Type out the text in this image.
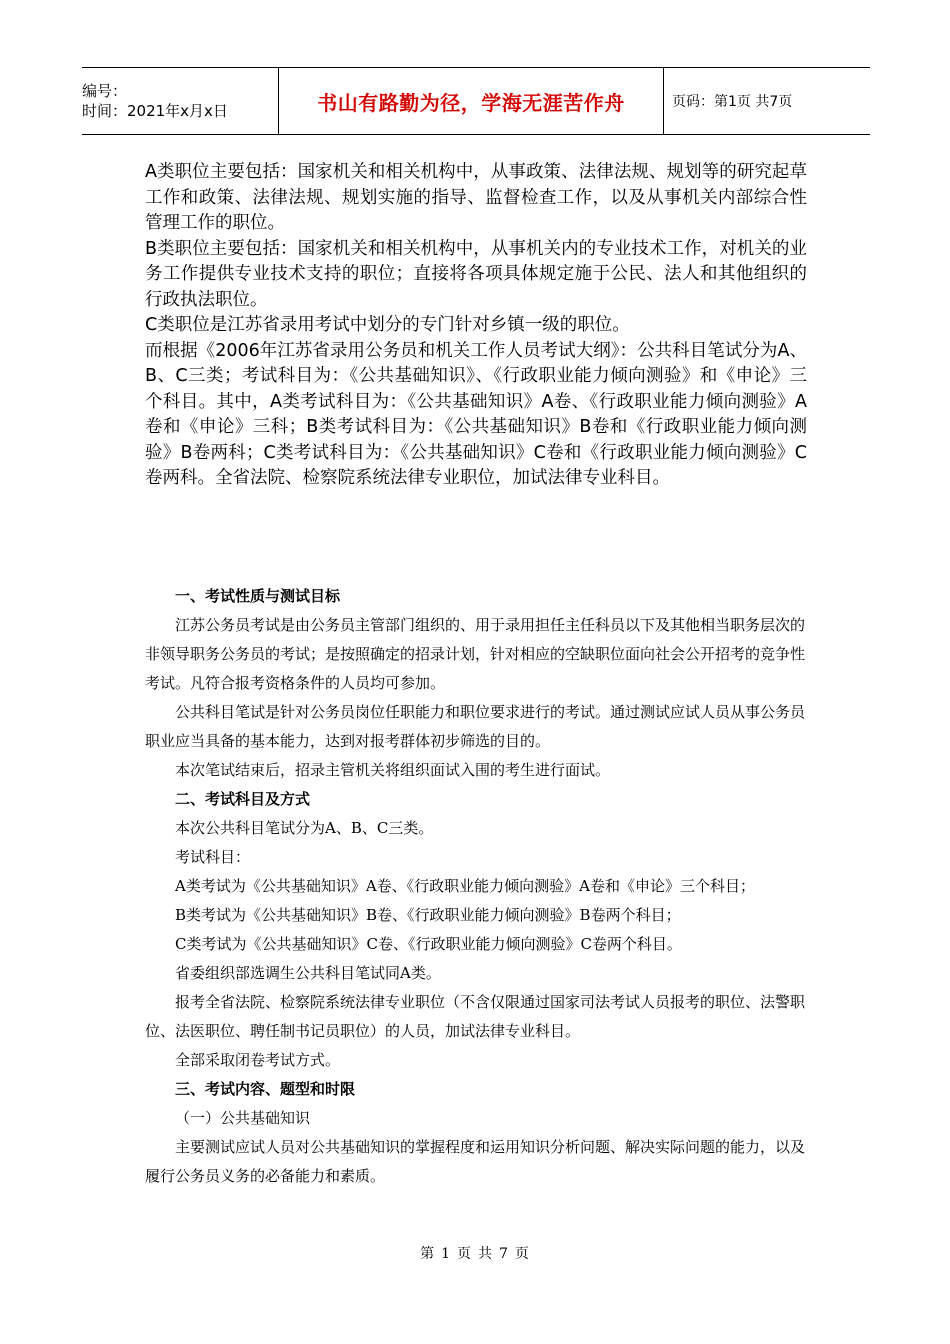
编号：
时间：2021年x月x日	书山有路勤为径，学海无涯苦作舟	页码：第1页 共7页

A类职位主要包括：国家机关和相关机构中，从事政策、法律法规、规划等的研究起草工作和政策、法律法规、规划实施的指导、监督检查工作，以及从事机关内部综合性管理工作的职位。

B类职位主要包括：国家机关和相关机构中，从事机关内的专业技术工作，对机关的业务工作提供专业技术支持的职位；直接将各项具体规定施于公民、法人和其他组织的行政执法职位。

C类职位是江苏省录用考试中划分的专门针对乡镇一级的职位。

而根据《2006年江苏省录用公务员和机关工作人员考试大纲》：公共科目笔试分为A、B、C三类；考试科目为：《公共基础知识》、《行政职业能力倾向测验》和《申论》三个科目。其中，A类考试科目为：《公共基础知识》A卷、《行政职业能力倾向测验》A卷和《申论》三科；B类考试科目为：《公共基础知识》B卷和《行政职业能力倾向测验》B卷两科；C类考试科目为：《公共基础知识》C卷和《行政职业能力倾向测验》C卷两科。全省法院、检察院系统法律专业职位，加试法律专业科目。

一、考试性质与测试目标

江苏公务员考试是由公务员主管部门组织的、用于录用担任主任科员以下及其他相当职务层次的非领导职务公务员的考试；是按照确定的招录计划，针对相应的空缺职位面向社会公开招考的竞争性考试。凡符合报考资格条件的人员均可参加。

公共科目笔试是针对公务员岗位任职能力和职位要求进行的考试。通过测试应试人员从事公务员职业应当具备的基本能力，达到对报考群体初步筛选的目的。

本次笔试结束后，招录主管机关将组织面试入围的考生进行面试。

二、考试科目及方式

本次公共科目笔试分为A、B、C三类。

考试科目：

A类考试为《公共基础知识》A卷、《行政职业能力倾向测验》A卷和《申论》三个科目；

B类考试为《公共基础知识》B卷、《行政职业能力倾向测验》B卷两个科目；

C类考试为《公共基础知识》C卷、《行政职业能力倾向测验》C卷两个科目。

省委组织部选调生公共科目笔试同A类。

报考全省法院、检察院系统法律专业职位（不含仅限通过国家司法考试人员报考的职位、法警职位、法医职位、聘任制书记员职位）的人员，加试法律专业科目。

全部采取闭卷考试方式。

三、考试内容、题型和时限

（一）公共基础知识

主要测试应试人员对公共基础知识的掌握程度和运用知识分析问题、解决实际问题的能力，以及履行公务员义务的必备能力和素质。

第 1 页 共 7 页
